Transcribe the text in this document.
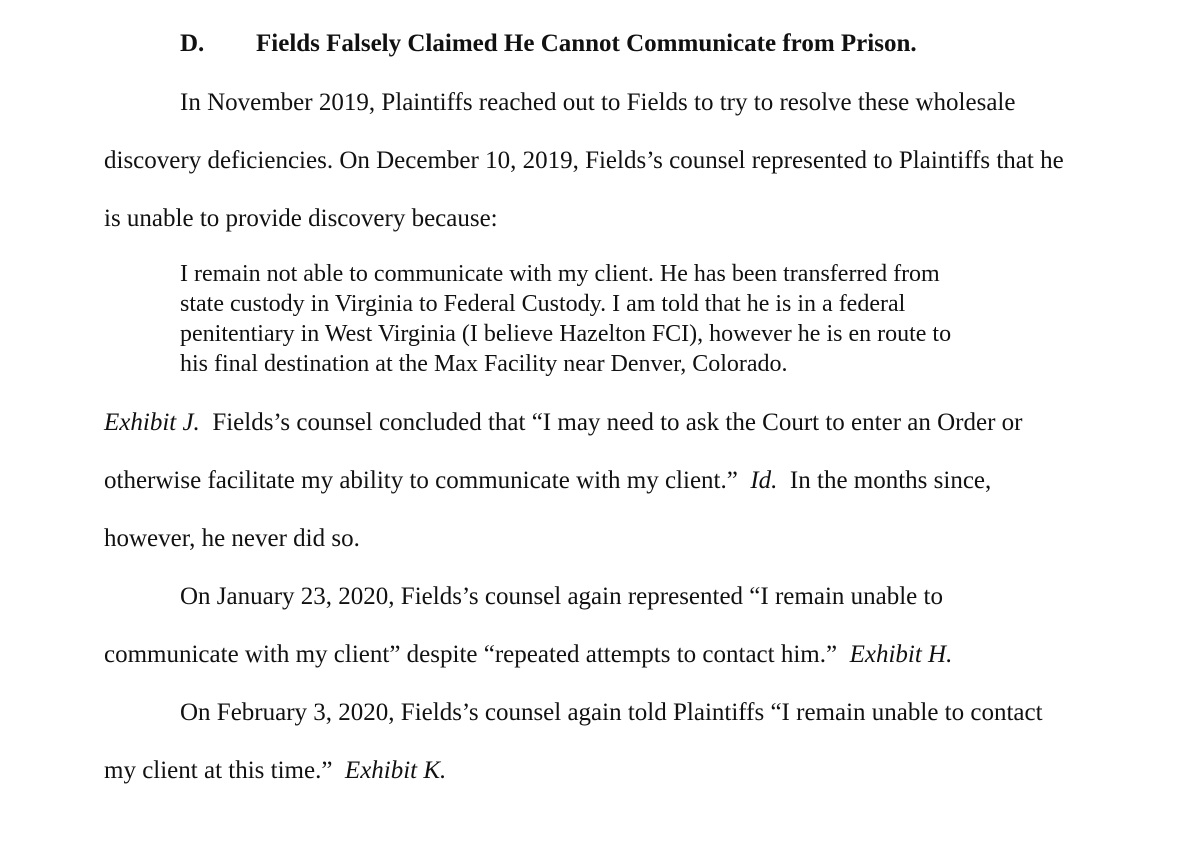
D. Fields Falsely Claimed He Cannot Communicate from Prison.
In November 2019, Plaintiffs reached out to Fields to try to resolve these wholesale
discovery deficiencies. On December 10, 2019, Fields’s counsel represented to Plaintiffs that he
is unable to provide discovery because:
I remain not able to communicate with my client. He has been transferred from
state custody in Virginia to Federal Custody. I am told that he is in a federal
penitentiary in West Virginia (I believe Hazelton FCI), however he is en route to
his final destination at the Max Facility near Denver, Colorado.
Exhibit J.  Fields’s counsel concluded that “I may need to ask the Court to enter an Order or
otherwise facilitate my ability to communicate with my client.”  Id.  In the months since,
however, he never did so.
On January 23, 2020, Fields’s counsel again represented “I remain unable to
communicate with my client” despite “repeated attempts to contact him.”  Exhibit H.
On February 3, 2020, Fields’s counsel again told Plaintiffs “I remain unable to contact
my client at this time.”  Exhibit K.
